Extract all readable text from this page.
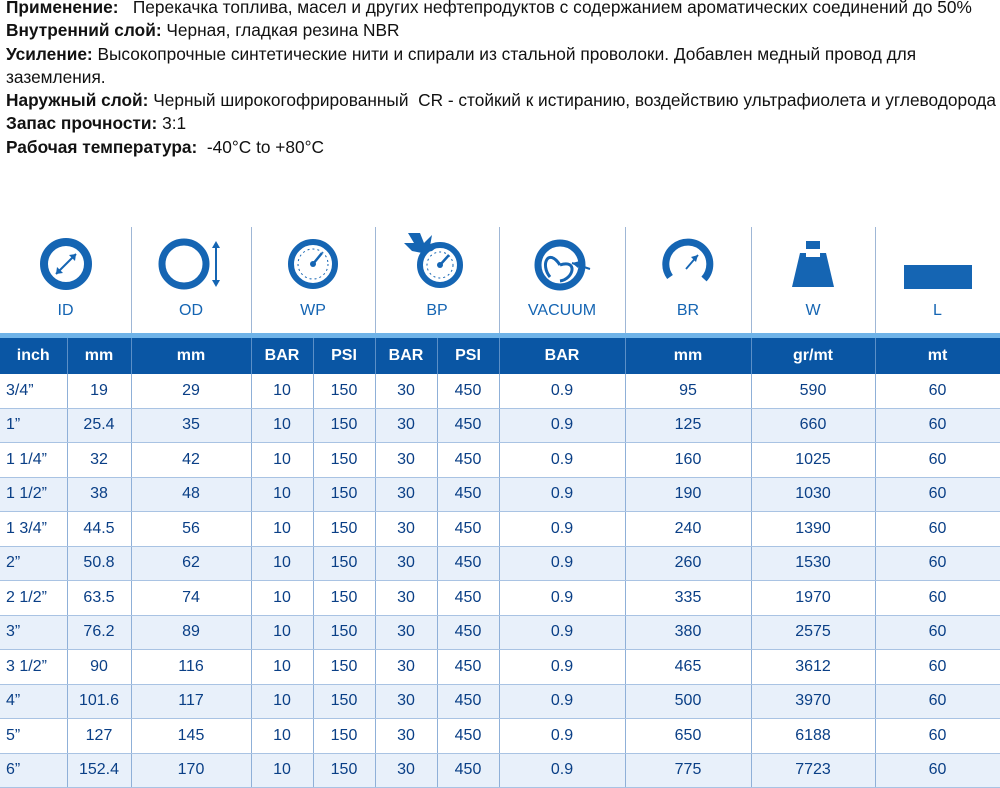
Применение:   Перекачка топлива, масел и других нефтепродуктов с содержанием ароматических соединений до 50%

Внутренний слой: Черная, гладкая резина NBR

Усиление: Высокопрочные синтетические нити и спирали из стальной проволоки. Добавлен медный провод для заземления.

Наружный слой: Черный широкогофрированный  CR - стойкий к истиранию, воздействию ультрафиолета и углеводорода

Запас прочности: 3:1

Рабочая температура:  -40°C to +80°C

ID	OD	WP	BP	VACUUM	BR	W	L
inch	mm	mm	BAR	PSI	BAR	PSI	BAR	mm	gr/mt	mt
3/4”	19	29	10	150	30	450	0.9	95	590	60
1”	25.4	35	10	150	30	450	0.9	125	660	60
1 1/4”	32	42	10	150	30	450	0.9	160	1025	60
1 1/2”	38	48	10	150	30	450	0.9	190	1030	60
1 3/4”	44.5	56	10	150	30	450	0.9	240	1390	60
2”	50.8	62	10	150	30	450	0.9	260	1530	60
2 1/2”	63.5	74	10	150	30	450	0.9	335	1970	60
3”	76.2	89	10	150	30	450	0.9	380	2575	60
3 1/2”	90	116	10	150	30	450	0.9	465	3612	60
4”	101.6	117	10	150	30	450	0.9	500	3970	60
5”	127	145	10	150	30	450	0.9	650	6188	60
6”	152.4	170	10	150	30	450	0.9	775	7723	60
